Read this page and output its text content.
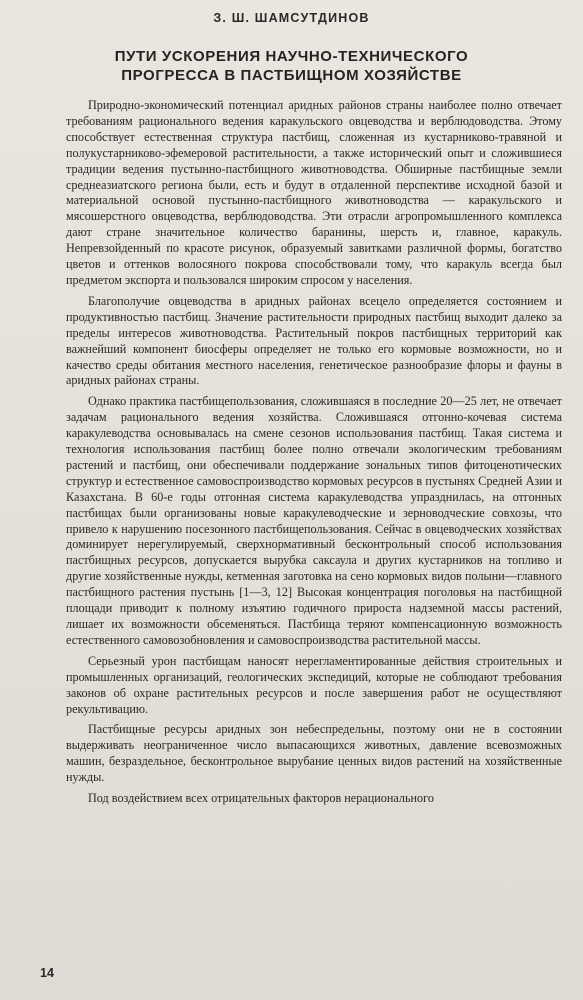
З. Ш. ШАМСУТДИНОВ
ПУТИ УСКОРЕНИЯ НАУЧНО-ТЕХНИЧЕСКОГО
ПРОГРЕССА В ПАСТБИЩНОМ ХОЗЯЙСТВЕ

Природно-экономический потенциал аридных районов страны наиболее полно отвечает требованиям рационального ведения каракульского овцеводства и верблюдоводства. Этому способствует естественная структура пастбищ, сложенная из кустарниково-травяной и полукустарниково-эфемеровой растительности, а также исторический опыт и сложившиеся традиции ведения пустынно-пастбищного животноводства. Обширные пастбищные земли среднеазиатского региона были, есть и будут в отдаленной перспективе исходной базой и материальной основой пустынно-пастбищного животноводства — каракульского и мясошерстного овцеводства, верблюдоводства. Эти отрасли агропромышленного комплекса дают стране значительное количество баранины, шерсть и, главное, каракуль. Непревзойденный по красоте рисунок, образуемый завитками различной формы, богатство цветов и оттенков волосяного покрова способствовали тому, что каракуль всегда был предметом экспорта и пользовался широким спросом у населения.

Благополучие овцеводства в аридных районах всецело определяется состоянием и продуктивностью пастбищ. Значение растительности природных пастбищ выходит далеко за пределы интересов животноводства. Растительный покров пастбищных территорий как важнейший компонент биосферы определяет не только его кормовые возможности, но и качество среды обитания местного населения, генетическое разнообразие флоры и фауны в аридных районах страны.

Однако практика пастбищепользования, сложившаяся в последние 20—25 лет, не отвечает задачам рационального ведения хозяйства. Сложившаяся отгонно-кочевая система каракулеводства основывалась на смене сезонов использования пастбищ. Такая система и технология использования пастбищ более полно отвечали экологическим требованиям растений и пастбищ, они обеспечивали поддержание зональных типов фитоценотических структур и естественное самовоспроизводство кормовых ресурсов в пустынях Средней Азии и Казахстана. В 60-е годы отгонная система каракулеводства упразднилась, на отгонных пастбищах были организованы новые каракулеводческие и зерноводческие совхозы, что привело к нарушению посезонного пастбищепользования. Сейчас в овцеводческих хозяйствах доминирует нерегулируемый, сверхнормативный бесконтрольный способ использования пастбищных ресурсов, допускается вырубка саксаула и других кустарников на топливо и другие хозяйственные нужды, кетменная заготовка на сено кормовых видов полыни—главного пастбищного растения пустынь [1—3, 12] Высокая концентрация поголовья на пастбищной площади приводит к полному изъятию годичного прироста надземной массы растений, лишает их возможности обсеменяться. Пастбища теряют компенсационную возможность естественного самовозобновления и самовоспроизводства растительной массы.

Серьезный урон пастбищам наносят нерегламентированные действия строительных и промышленных организаций, геологических экспедиций, которые не соблюдают требования законов об охране растительных ресурсов и после завершения работ не осуществляют рекультивацию.

Пастбищные ресурсы аридных зон небеспредельны, поэтому они не в состоянии выдерживать неограниченное число выпасающихся животных, давление всевозможных машин, безраздельное, бесконтрольное вырубание ценных видов растений на хозяйственные нужды.

Под воздействием всех отрицательных факторов нерационального

14
